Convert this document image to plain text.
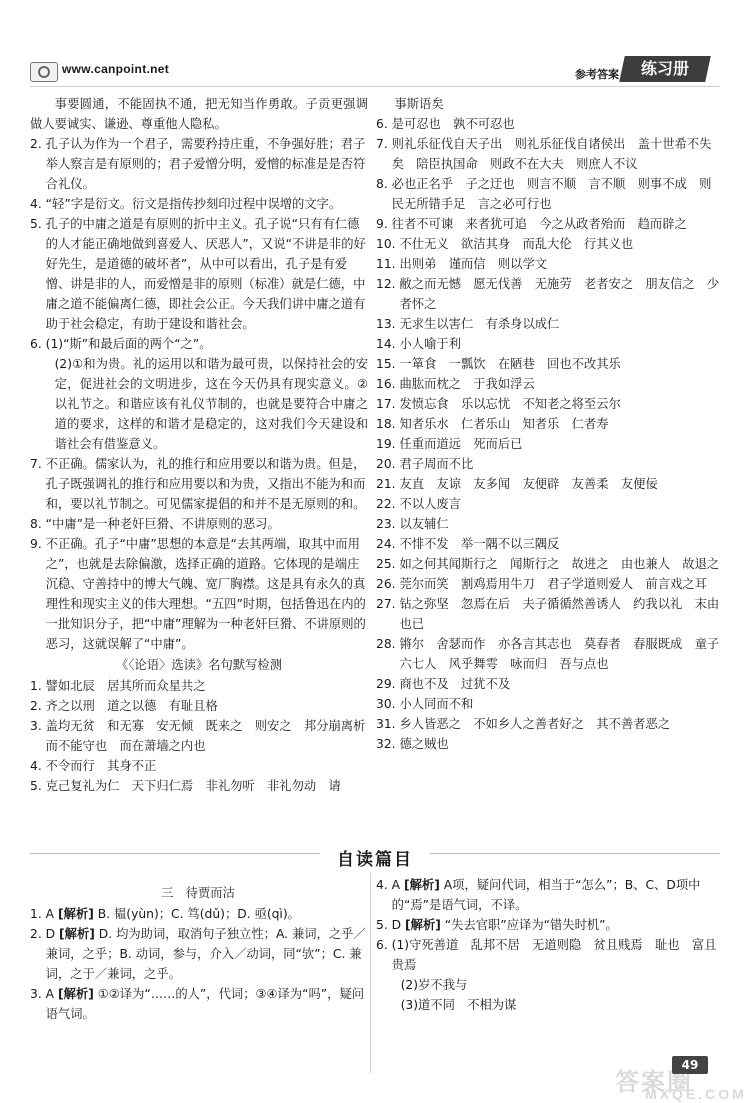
www.canpoint.net	参考答案	练习册

事要圆通，不能固执不通，把无知当作勇敢。子贡更强调做人要诚实、谦逊、尊重他人隐私。

2. 孔子认为作为一个君子，需要矜持庄重，不争强好胜；君子举人察言是有原则的；君子爱憎分明，爱憎的标准是是否符合礼仪。
4. “轻”字是衍文。衍文是指传抄刻印过程中误增的文字。
5. 孔子的中庸之道是有原则的折中主义。孔子说“只有有仁德的人才能正确地做到喜爱人、厌恶人”，又说“不讲是非的好好先生，是道德的破坏者”，从中可以看出，孔子是有爱憎、讲是非的人，而爱憎是非的原则（标准）就是仁德，中庸之道不能偏离仁德，即社会公正。今天我们讲中庸之道有助于社会稳定，有助于建设和谐社会。
6. (1)“斯”和最后面的两个“之”。

(2)①和为贵。礼的运用以和谐为最可贵，以保持社会的安定，促进社会的文明进步，这在今天仍具有现实意义。②以礼节之。和谐应该有礼仪节制的，也就是要符合中庸之道的要求，这样的和谐才是稳定的，这对我们今天建设和谐社会有借鉴意义。

7. 不正确。儒家认为，礼的推行和应用要以和谐为贵。但是，孔子既强调礼的推行和应用要以和为贵，又指出不能为和而和，要以礼节制之。可见儒家提倡的和并不是无原则的和。
8. “中庸”是一种老奸巨猾、不讲原则的恶习。
9. 不正确。孔子“中庸”思想的本意是“去其两端，取其中而用之”，也就是去除偏激，选择正确的道路。它体现的是端庄沉稳、守善持中的博大气魄、宽厂胸襟。这是具有永久的真理性和现实主义的伟大理想。“五四”时期，包括鲁迅在内的一批知识分子，把“中庸”理解为一种老奸巨猾、不讲原则的恶习，这就误解了“中庸”。
《〈论语〉选读》名句默写检测
1. 譬如北辰　居其所而众星共之
2. 齐之以刑　道之以德　有耻且格
3. 盖均无贫　和无寡　安无倾　既来之　则安之　邦分崩离析而不能守也　而在萧墙之内也
4. 不令而行　其身不正
5. 克己复礼为仁　天下归仁焉　非礼勿听　非礼勿动　请

事斯语矣

6. 是可忍也　孰不可忍也
7. 则礼乐征伐自天子出　则礼乐征伐自诸侯出　盖十世希不失矣　陪臣执国命　则政不在大夫　则庶人不议
8. 必也正名乎　子之迂也　则言不顺　言不顺　则事不成　则民无所错手足　言之必可行也
9. 往者不可谏　来者犹可追　今之从政者殆而　趋而辟之
10. 不仕无义　欲洁其身　而乱大伦　行其义也
11. 出则弟　谨而信　则以学文
12. 敝之而无憾　愿无伐善　无施劳　老者安之　朋友信之　少者怀之
13. 无求生以害仁　有杀身以成仁
14. 小人喻于利
15. 一箪食　一瓢饮　在陋巷　回也不改其乐
16. 曲肱而枕之　于我如浮云
17. 发愤忘食　乐以忘忧　不知老之将至云尔
18. 知者乐水　仁者乐山　知者乐　仁者寿
19. 任重而道远　死而后已
20. 君子周而不比
21. 友直　友谅　友多闻　友便辟　友善柔　友便佞
22. 不以人废言
23. 以友辅仁
24. 不悱不发　举一隅不以三隅反
25. 如之何其闻斯行之　闻斯行之　故进之　由也兼人　故退之
26. 莞尔而笑　割鸡焉用牛刀　君子学道则爱人　前言戏之耳
27. 钻之弥坚　忽焉在后　夫子循循然善诱人　约我以礼　末由也已
28. 锵尔　舍瑟而作　亦各言其志也　莫春者　春服既成　童子六七人　风乎舞雩　咏而归　吾与点也
29. 商也不及　过犹不及
30. 小人同而不和
31. 乡人皆恶之　不如乡人之善者好之　其不善者恶之
32. 德之贼也
自读篇目
三　待贾而沽
1. A [解析] B. 韫(yùn)；C. 笃(dǔ)；D. 亟(qì)。
2. D [解析] D. 均为助词，取消句子独立性；A. 兼词，之乎／兼词，之乎；B. 动词，参与，介入／动词，同“欤”；C. 兼词，之于／兼词，之乎。
3. A [解析] ①②译为“……的人”，代词；③④译为“吗”，疑问语气词。
4. A [解析] A项，疑问代词，相当于“怎么”；B、C、D项中的“焉”是语气词，不译。
5. D [解析] “失去官职”应译为“错失时机”。
6. (1)守死善道　乱邦不居　无道则隐　贫且贱焉　耻也　富且贵焉

(2)岁不我与

(3)道不同　不相为谋

49
答案圈
MXQE.COM
